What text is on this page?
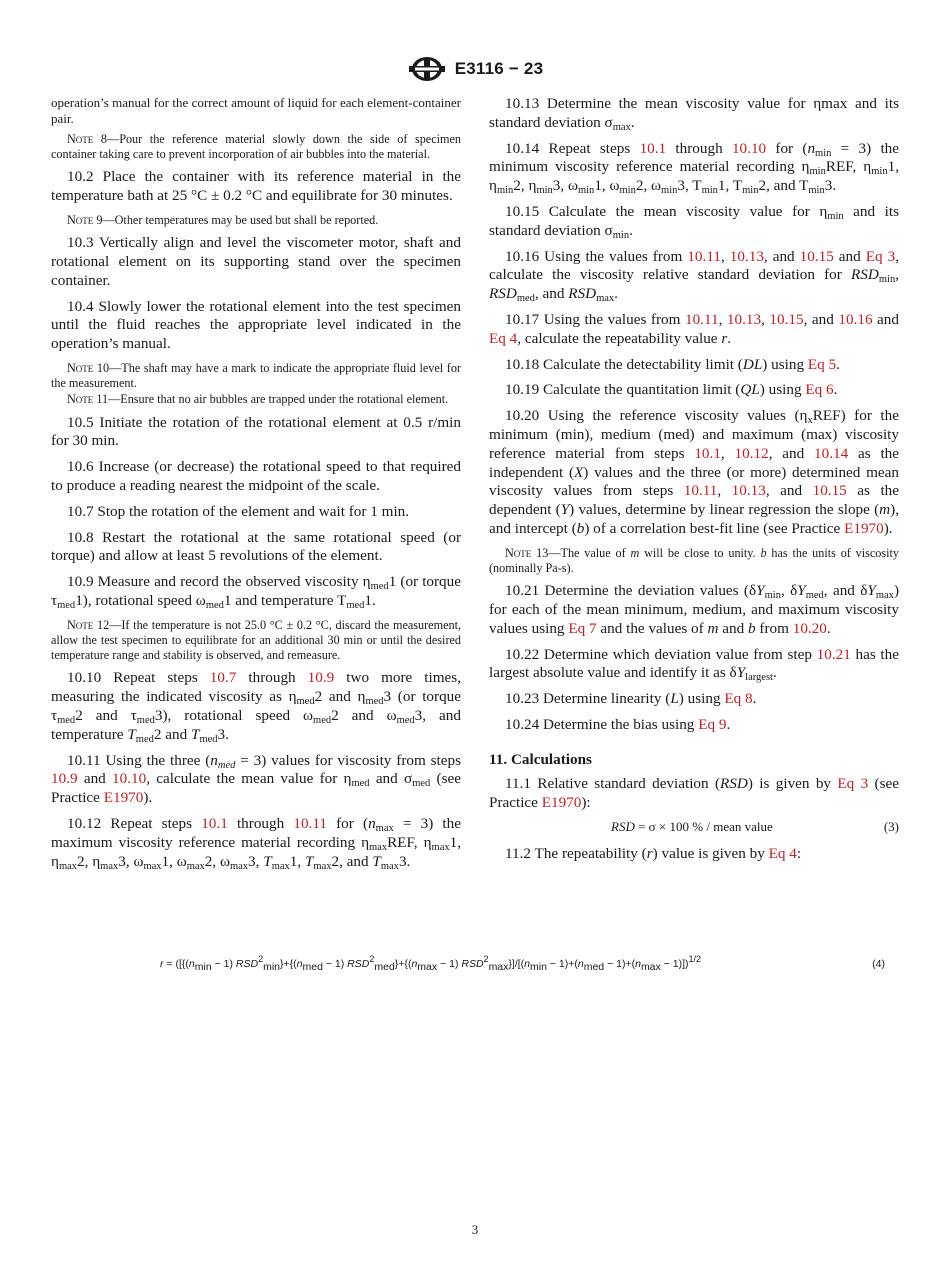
E3116 − 23

operation’s manual for the correct amount of liquid for each element-container pair.

Note 8—Pour the reference material slowly down the side of specimen container taking care to prevent incorporation of air bubbles into the material.

10.2 Place the container with its reference material in the temperature bath at 25 °C ± 0.2 °C and equilibrate for 30 minutes.

Note 9—Other temperatures may be used but shall be reported.

10.3 Vertically align and level the viscometer motor, shaft and rotational element on its supporting stand over the specimen container.

10.4 Slowly lower the rotational element into the test specimen until the fluid reaches the appropriate level indicated in the operation’s manual.

Note 10—The shaft may have a mark to indicate the appropriate fluid level for the measurement.

Note 11—Ensure that no air bubbles are trapped under the rotational element.

10.5 Initiate the rotation of the rotational element at 0.5 r/min for 30 min.

10.6 Increase (or decrease) the rotational speed to that required to produce a reading nearest the midpoint of the scale.

10.7 Stop the rotation of the element and wait for 1 min.

10.8 Restart the rotational at the same rotational speed (or torque) and allow at least 5 revolutions of the element.

10.9 Measure and record the observed viscosity $\eta_{med}1$ (or torque $\tau_{med}1$), rotational speed $\omega_{med}1$ and temperature $T_{med}1$.

Note 12—If the temperature is not 25.0 °C ± 0.2 °C, discard the measurement, allow the test specimen to equilibrate for an additional 30 min or until the desired temperature range and stability is observed, and remeasure.

10.10 Repeat steps 10.7 through 10.9 two more times, measuring the indicated viscosity as $\eta_{med}2$ and $\eta_{med}3$ (or torque $\tau_{med}2$ and $\tau_{med}3$), rotational speed $\omega_{med}2$ and $\omega_{med}3$, and temperature $T_{med}2$ and $T_{med}3$.

10.11 Using the three $(n_{med} = 3)$ values for viscosity from steps 10.9 and 10.10, calculate the mean value for $\eta_{med}$ and $\sigma_{med}$ (see Practice E1970).

10.12 Repeat steps 10.1 through 10.11 for $(n_{max} = 3)$ the maximum viscosity reference material recording $\eta_{max}REF$, $\eta_{max}1$, $\eta_{max}2$, $\eta_{max}3$, $\omega_{max}1$, $\omega_{max}2$, $\omega_{max}3$, $T_{max}1$, $T_{max}2$, and $T_{max}3$.

10.13 Determine the mean viscosity value for ηmax and its standard deviation $\sigma_{max}$.

10.14 Repeat steps 10.1 through 10.10 for $(n_{min} = 3)$ the minimum viscosity reference material recording $\eta_{min}REF$, $\eta_{min}1$, $\eta_{min}2$, $\eta_{min}3$, $\omega_{min}1$, $\omega_{min}2$, $\omega_{min}3$, $T_{min}1$, $T_{min}2$, and $T_{min}3$.

10.15 Calculate the mean viscosity value for $\eta_{min}$ and its standard deviation $\sigma_{min}$.

10.16 Using the values from 10.11, 10.13, and 10.15 and Eq 3, calculate the viscosity relative standard deviation for $RSD_{min}$, $RSD_{med}$, and $RSD_{max}$.

10.17 Using the values from 10.11, 10.13, 10.15, and 10.16 and Eq 4, calculate the repeatability value r.

10.18 Calculate the detectability limit (DL) using Eq 5.

10.19 Calculate the quantitation limit (QL) using Eq 6.

10.20 Using the reference viscosity values $(\eta_xREF)$ for the minimum (min), medium (med) and maximum (max) viscosity reference material from steps 10.1, 10.12, and 10.14 as the independent (X) values and the three (or more) determined mean viscosity values from steps 10.11, 10.13, and 10.15 as the dependent (Y) values, determine by linear regression the slope (m), and intercept (b) of a correlation best-fit line (see Practice E1970).

Note 13—The value of m will be close to unity. b has the units of viscosity (nominally Pa-s).

10.21 Determine the deviation values ($\delta Y_{min}$, $\delta Y_{med}$, and $\delta Y_{max}$) for each of the mean minimum, medium, and maximum viscosity values using Eq 7 and the values of m and b from 10.20.

10.22 Determine which deviation value from step 10.21 has the largest absolute value and identify it as $\delta Y_{largest}$.

10.23 Determine linearity (L) using Eq 8.

10.24 Determine the bias using Eq 9.

11. Calculations

11.1 Relative standard deviation (RSD) is given by Eq 3 (see Practice E1970):

RSD = σ × 100 % / mean value	(3)

11.2 The repeatability (r) value is given by Eq 4:

$r = ([\{(n_{min} - 1) RSD^2_{min}\}+\{(n_{med} - 1) RSD^2_{med}\}+\{(n_{max} - 1) RSD^2_{max}\}]/[(n_{min} - 1)+(n_{med} - 1)+(n_{max} - 1)])^{1/2}$	(4)
3
